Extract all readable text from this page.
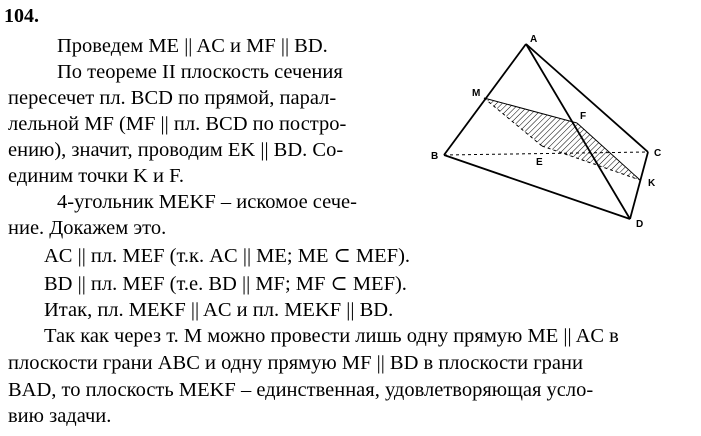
104.
Проведем ME || AC и MF || BD.
По теореме II плоскость сечения
пересечет пл. BCD по прямой, парал-
лельной MF (MF || пл. BCD по постро-
ению), значит, проводим EK || BD. Со-
единим точки K и F.
4-угольник MEKF – искомое сече-
ние. Докажем это.
AC || пл. MEF (т.к. AC || ME; ME ⊂ MEF).
BD || пл. MEF (т.е. BD || MF; MF ⊂ MEF).
Итак, пл. MEKF || AC и пл. MEKF || BD.
Так как через т. M можно провести лишь одну прямую ME || AC в
плоскости грани ABC и одну прямую MF || BD в плоскости грани
BAD, то плоскость MEKF – единственная, удовлетворяющая усло-
вию задачи.
A
B	C
D
M
E
F
K
